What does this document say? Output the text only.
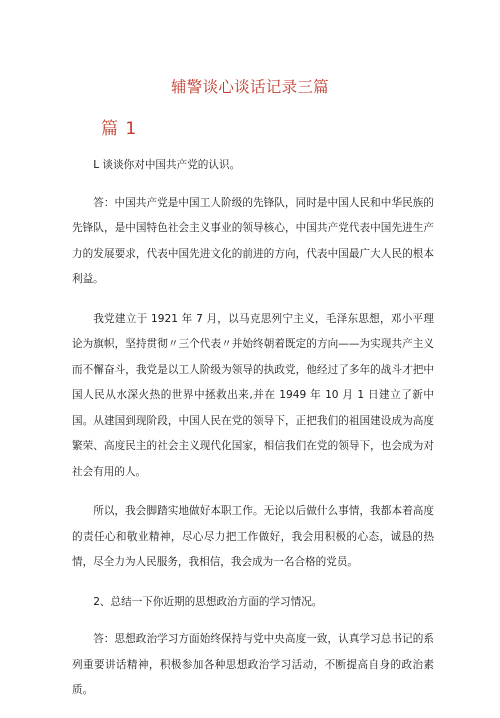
辅警谈心谈话记录三篇
篇 1

L 谈谈你对中国共产党的认识。

答：中国共产党是中国工人阶级的先锋队，同时是中国人民和中华民族的先锋队，是中国特色社会主义事业的领导核心，中国共产党代表中国先进生产力的发展要求，代表中国先进文化的前进的方向，代表中国最广大人民的根本利益。

我党建立于 1921 年 7 月，以马克思列宁主义，毛泽东思想，邓小平理论为旗帜，坚持贯彻〃三个代表〃并始终朝着既定的方向——为实现共产主义而不懈奋斗，我党是以工人阶级为领导的执政党，他经过了多年的战斗才把中国人民从水深火热的世界中拯救出来,并在 1949 年 10 月 1 日建立了新中国。从建国到现阶段，中国人民在党的领导下，正把我们的祖国建设成为高度繁荣、高度民主的社会主义现代化国家，相信我们在党的领导下，也会成为对社会有用的人。

所以，我会脚踏实地做好本职工作。无论以后做什么事情，我都本着高度的责任心和敬业精神，尽心尽力把工作做好，我会用积极的心态，诚恳的热情，尽全力为人民服务，我相信，我会成为一名合格的党员。

2、总结一下你近期的思想政治方面的学习情况。

答：思想政治学习方面始终保持与党中央高度一致，认真学习总书记的系列重要讲话精神，积极参加各种思想政治学习活动，不断提高自身的政治素质。
